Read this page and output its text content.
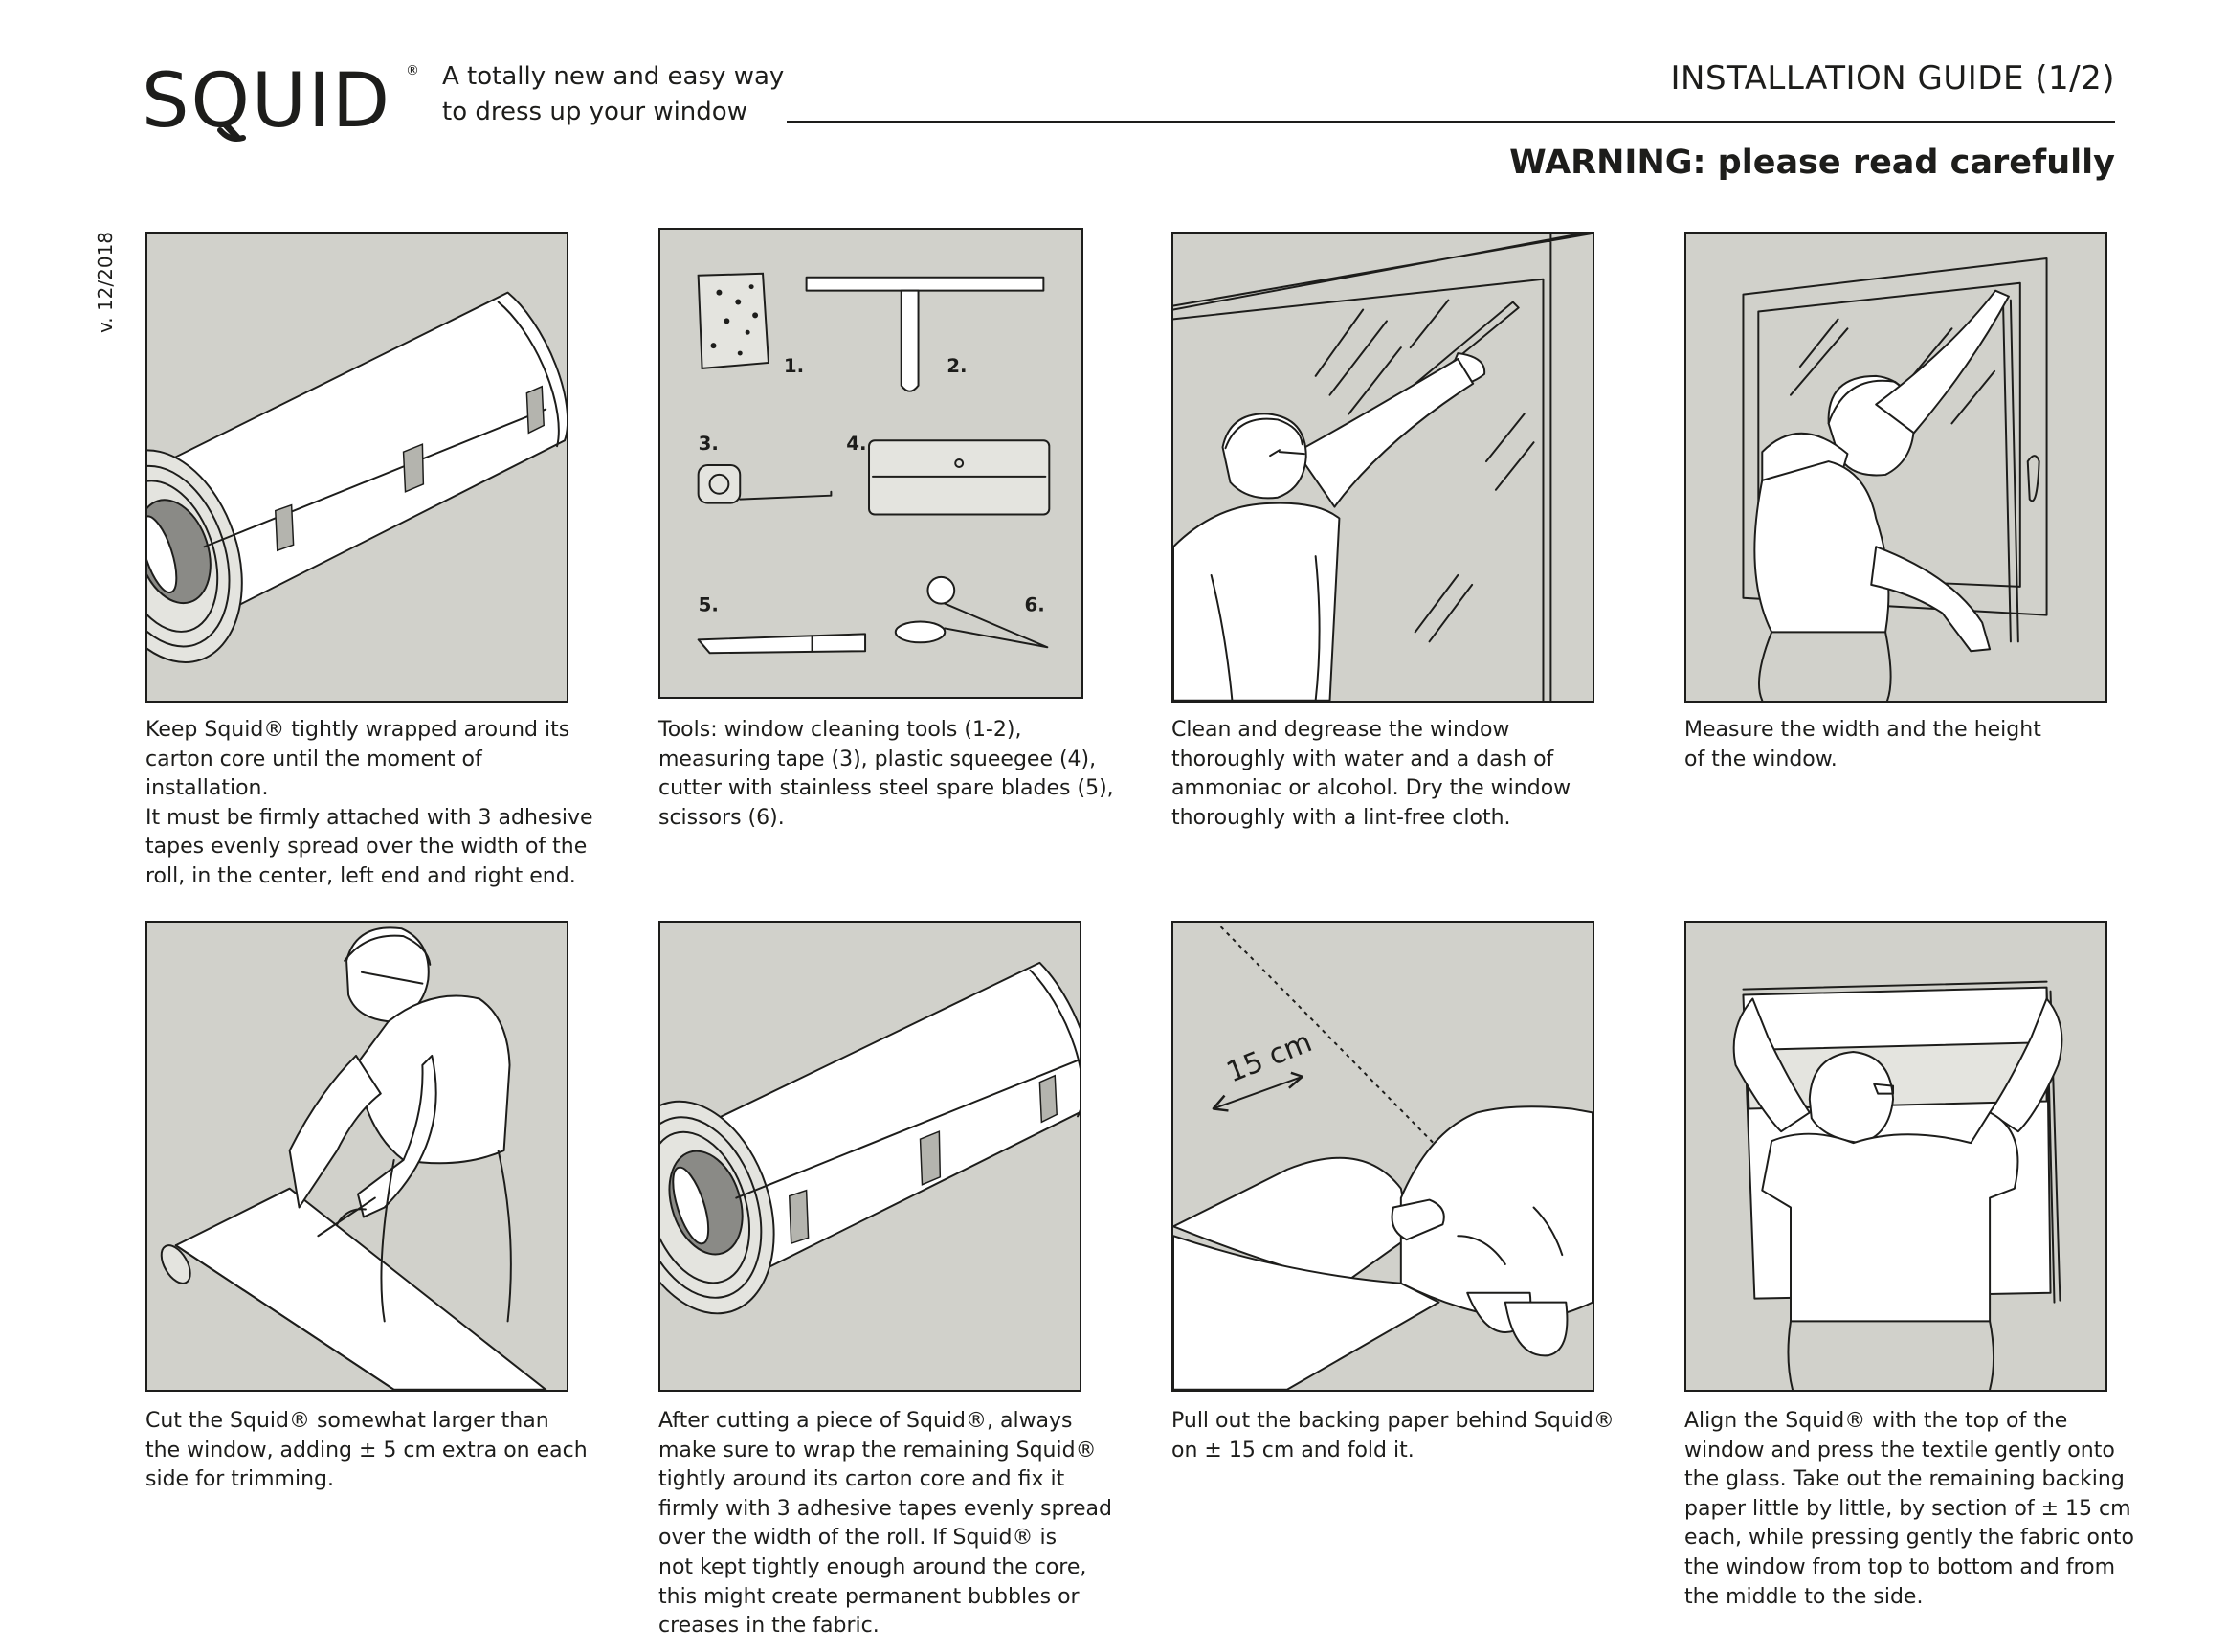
SQUID ® A totally new and easy way
to dress up your window
INSTALLATION GUIDE (1/2)
WARNING: please read carefully
v. 12/2018
1.	2.
3.	4.
5.	6.
15 cm
Keep Squid® tightly wrapped around its
carton core until the moment of installation.
It must be firmly attached with 3 adhesive
tapes evenly spread over the width of the
roll, in the center, left end and right end.
Tools: window cleaning tools (1-2),
measuring tape (3), plastic squeegee (4),
cutter with stainless steel spare blades (5),
scissors (6).
Clean and degrease the window
thoroughly with water and a dash of
ammoniac or alcohol. Dry the window
thoroughly with a lint-free cloth.
Measure the width and the height
of the window.
Cut the Squid® somewhat larger than
the window, adding ± 5 cm extra on each
side for trimming.
After cutting a piece of Squid®, always
make sure to wrap the remaining Squid®
tightly around its carton core and fix it
firmly with 3 adhesive tapes evenly spread
over the width of the roll. If Squid® is
not kept tightly enough around the core,
this might create permanent bubbles or
creases in the fabric.
Pull out the backing paper behind Squid®
on ± 15 cm and fold it.
Align the Squid® with the top of the
window and press the textile gently onto
the glass. Take out the remaining backing
paper little by little, by section of ± 15 cm
each, while pressing gently the fabric onto
the window from top to bottom and from
the middle to the side.
